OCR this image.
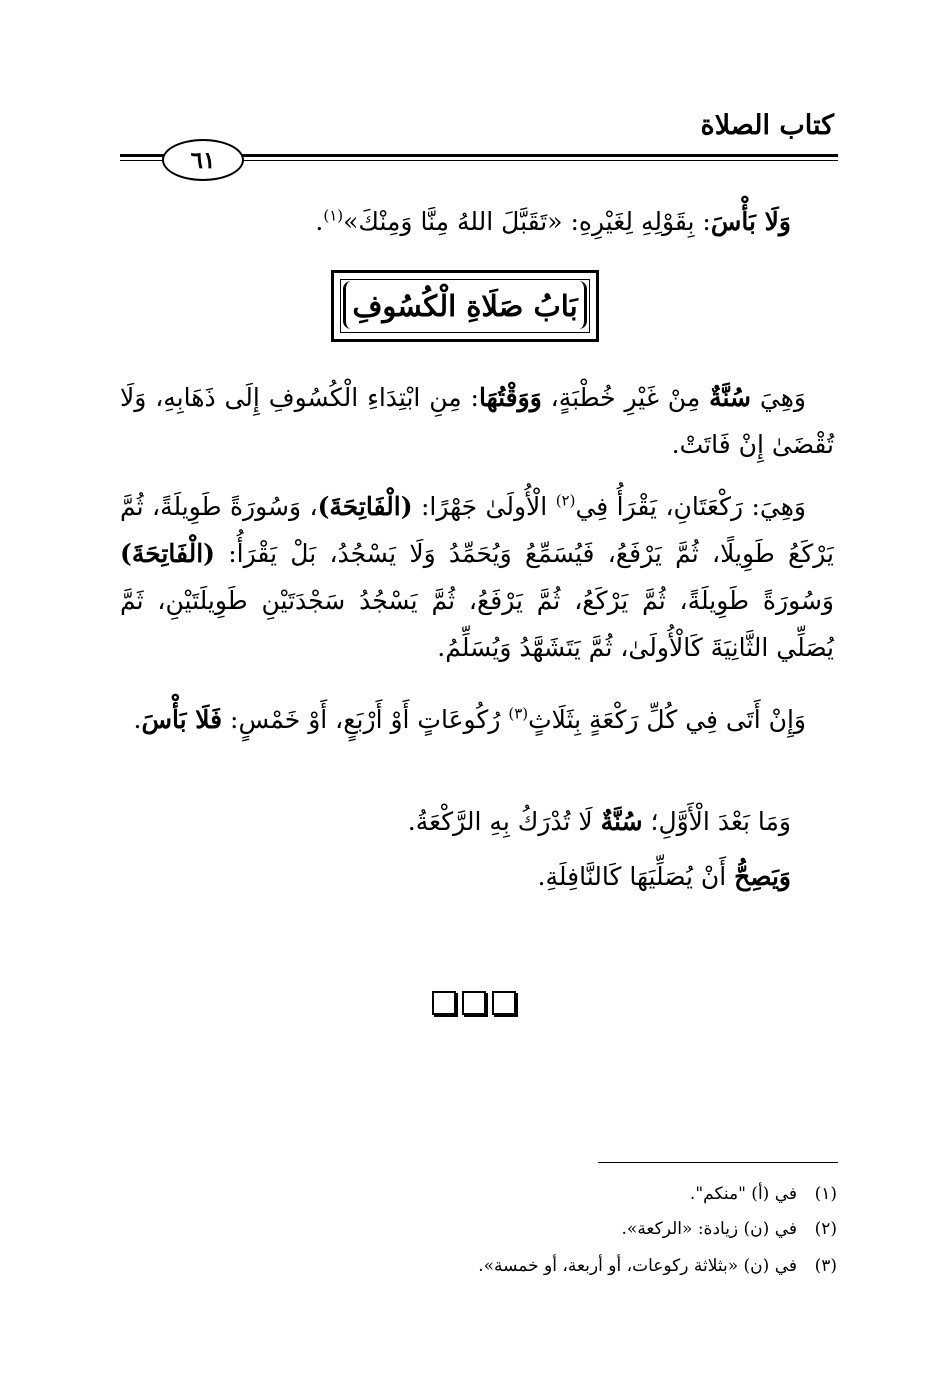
كتاب الصلاة
٦١
وَلَا بَأْسَ: بِقَوْلِهِ لِغَيْرِهِ: «تَقَبَّلَ اللهُ مِنَّا وَمِنْكَ»$^{(١)}$.
بَابُ صَلَاةِ الْكُسُوفِ
وَهِيَ سُنَّةٌ مِنْ غَيْرِ خُطْبَةٍ، وَوَقْتُهَا: مِنِ ابْتِدَاءِ الْكُسُوفِ إِلَى ذَهَابِهِ، وَلَا تُقْضَىٰ إِنْ فَاتَتْ.
وَهِيَ: رَكْعَتَانِ، يَقْرَأُ فِي$^{(٢)}$ الْأُولَىٰ جَهْرًا: (الْفَاتِحَةَ)، وَسُورَةً طَوِيلَةً، ثُمَّ يَرْكَعُ طَوِيلًا، ثُمَّ يَرْفَعُ، فَيُسَمِّعُ وَيُحَمِّدُ وَلَا يَسْجُدُ، بَلْ يَقْرَأُ: (الْفَاتِحَةَ) وَسُورَةً طَوِيلَةً، ثُمَّ يَرْكَعُ، ثُمَّ يَرْفَعُ، ثُمَّ يَسْجُدُ سَجْدَتَيْنِ طَوِيلَتَيْنِ، ثَمَّ يُصَلِّي الثَّانِيَةَ كَالْأُولَىٰ، ثُمَّ يَتَشَهَّدُ وَيُسَلِّمُ.
وَإِنْ أَتَى فِي كُلِّ رَكْعَةٍ بِثَلَاثٍ$^{(٣)}$ رُكُوعَاتٍ أَوْ أَرْبَعٍ، أَوْ خَمْسٍ: فَلَا بَأْسَ.
وَمَا بَعْدَ الْأَوَّلِ؛ سُنَّةٌ لَا تُدْرَكُ بِهِ الرَّكْعَةُ.
وَيَصِحُّ أَنْ يُصَلِّيَهَا كَالنَّافِلَةِ.
(١)في (أ) "منكم".
(٢)في (ن) زيادة: «الركعة».
(٣)في (ن) «بثلاثة ركوعات، أو أربعة، أو خمسة».
